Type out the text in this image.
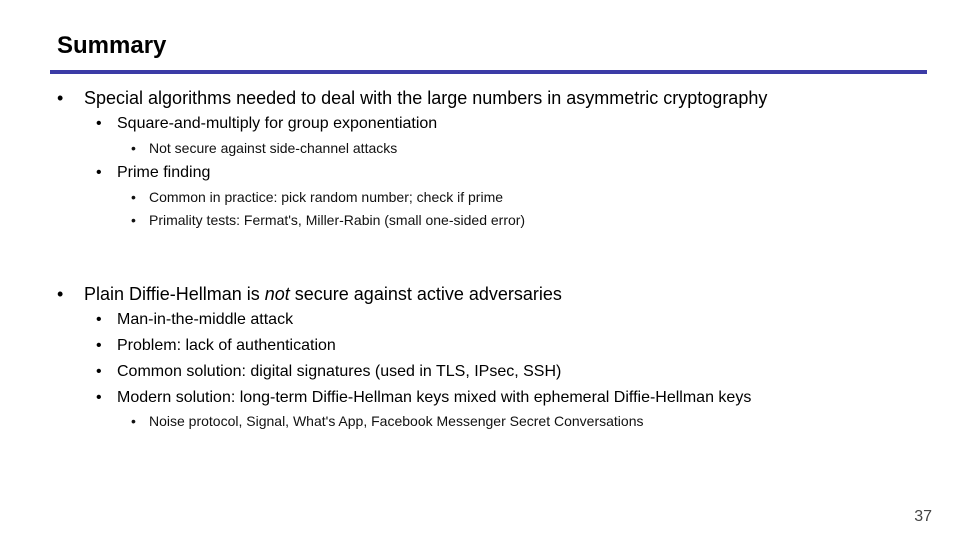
Summary
• Special algorithms needed to deal with the large numbers in asymmetric cryptography
• Square-and-multiply for group exponentiation
• Not secure against side-channel attacks
• Prime finding
• Common in practice: pick random number; check if prime
• Primality tests: Fermat's, Miller-Rabin (small one-sided error)
• Plain Diffie-Hellman is not secure against active adversaries
• Man-in-the-middle attack
• Problem: lack of authentication
• Common solution: digital signatures (used in TLS, IPsec, SSH)
• Modern solution: long-term Diffie-Hellman keys mixed with ephemeral Diffie-Hellman keys
• Noise protocol, Signal, What's App, Facebook Messenger Secret Conversations
37
